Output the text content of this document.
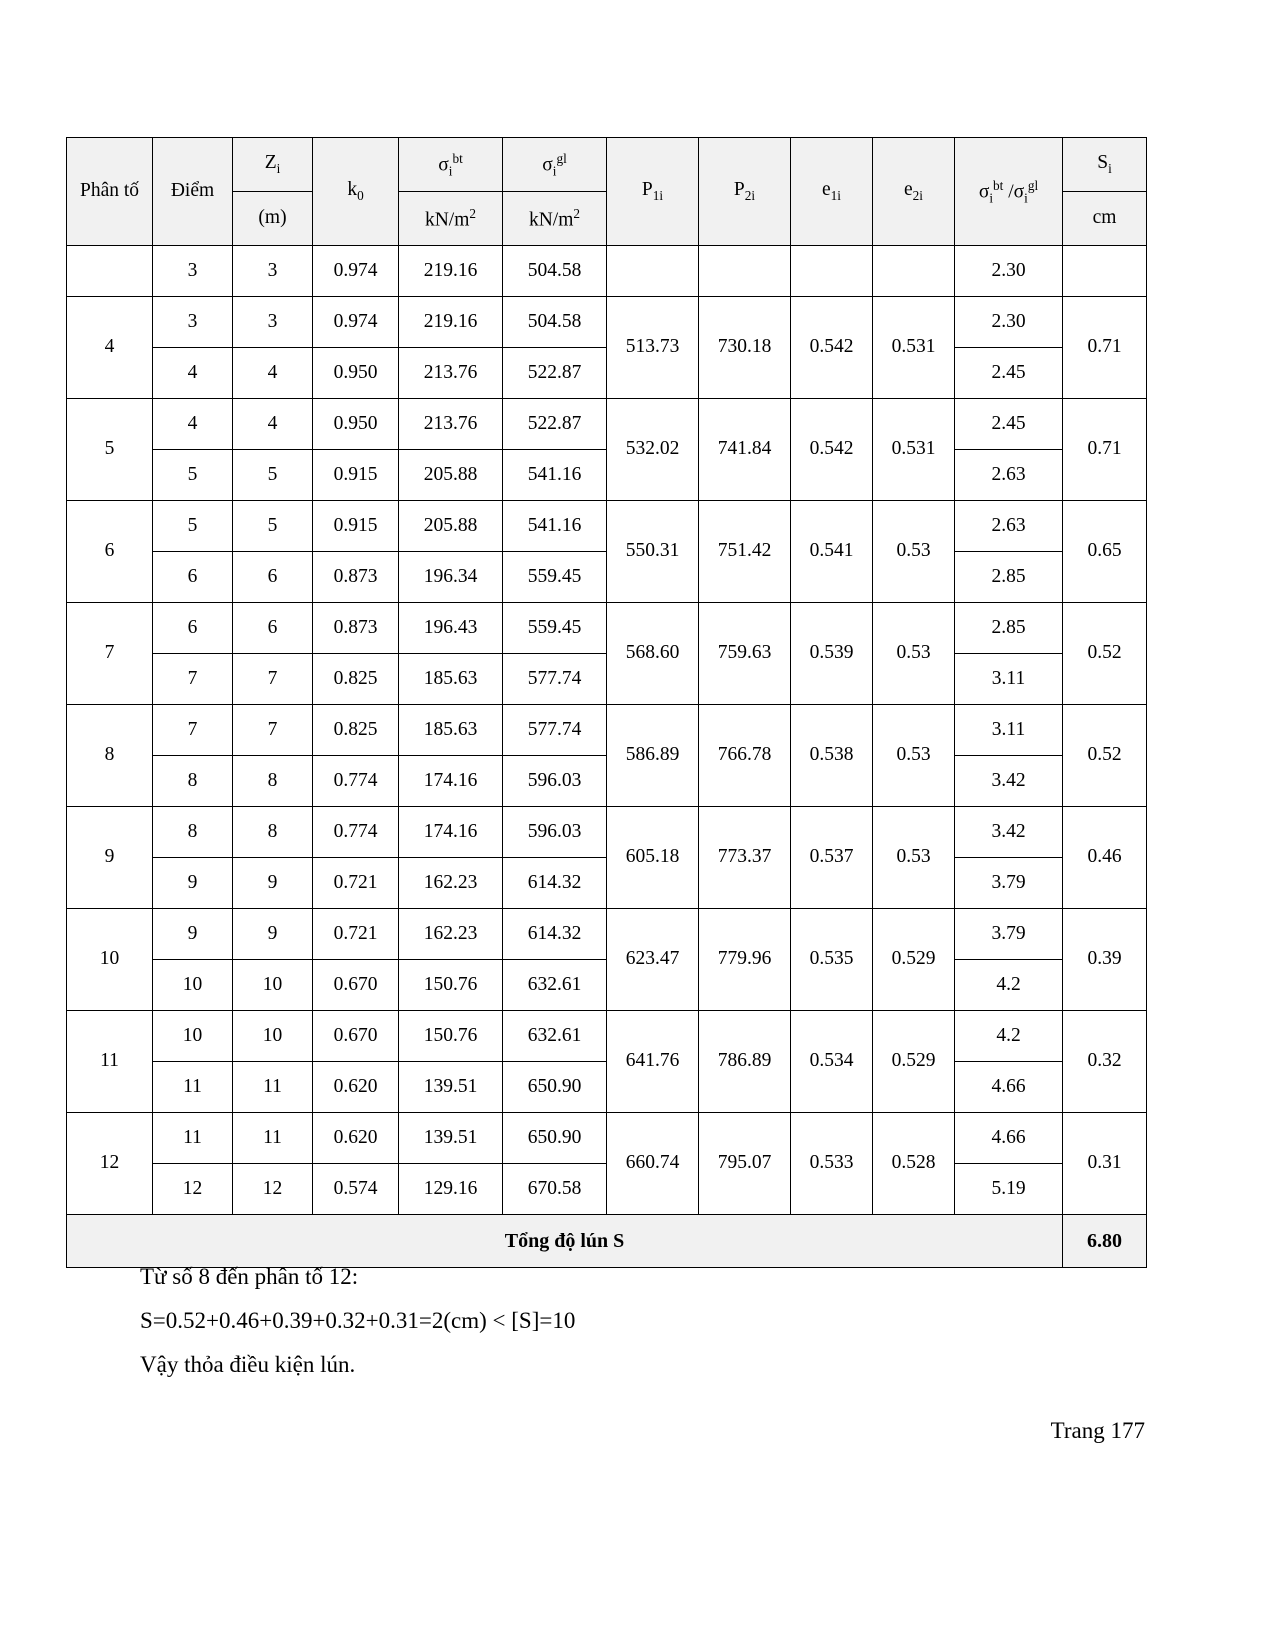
Phân tố	Điểm	$Z_i$	$k_0$	$\sigma_i^{bt}$	$\sigma_i^{gl}$	$P_{1i}$	$P_{2i}$	$e_{1i}$	$e_{2i}$	$\sigma_i^{bt}$ $/\sigma_i^{gl}$	$S_i$
		(m)		$kN/m^2$	$kN/m^2$						cm
	3	3	0.974	219.16	504.58					2.30	
4	3	3	0.974	219.16	504.58	513.73	730.18	0.542	0.531	2.30	0.71
	4	4	0.950	213.76	522.87					2.45	
5	4	4	0.950	213.76	522.87	532.02	741.84	0.542	0.531	2.45	0.71
	5	5	0.915	205.88	541.16					2.63	
6	5	5	0.915	205.88	541.16	550.31	751.42	0.541	0.53	2.63	0.65
	6	6	0.873	196.34	559.45					2.85	
7	6	6	0.873	196.43	559.45	568.60	759.63	0.539	0.53	2.85	0.52
	7	7	0.825	185.63	577.74					3.11	
8	7	7	0.825	185.63	577.74	586.89	766.78	0.538	0.53	3.11	0.52
	8	8	0.774	174.16	596.03					3.42	
9	8	8	0.774	174.16	596.03	605.18	773.37	0.537	0.53	3.42	0.46
	9	9	0.721	162.23	614.32					3.79	
10	9	9	0.721	162.23	614.32	623.47	779.96	0.535	0.529	3.79	0.39
	10	10	0.670	150.76	632.61					4.2	
11	10	10	0.670	150.76	632.61	641.76	786.89	0.534	0.529	4.2	0.32
	11	11	0.620	139.51	650.90					4.66	
12	11	11	0.620	139.51	650.90	660.74	795.07	0.533	0.528	4.66	0.31
	12	12	0.574	129.16	670.58					5.19	
Tổng độ lún S											6.80

Từ số 8 đến phân tố 12:

S=0.52+0.46+0.39+0.32+0.31=2(cm) < [S]=10

Vậy thỏa điều kiện lún.

Trang 177
